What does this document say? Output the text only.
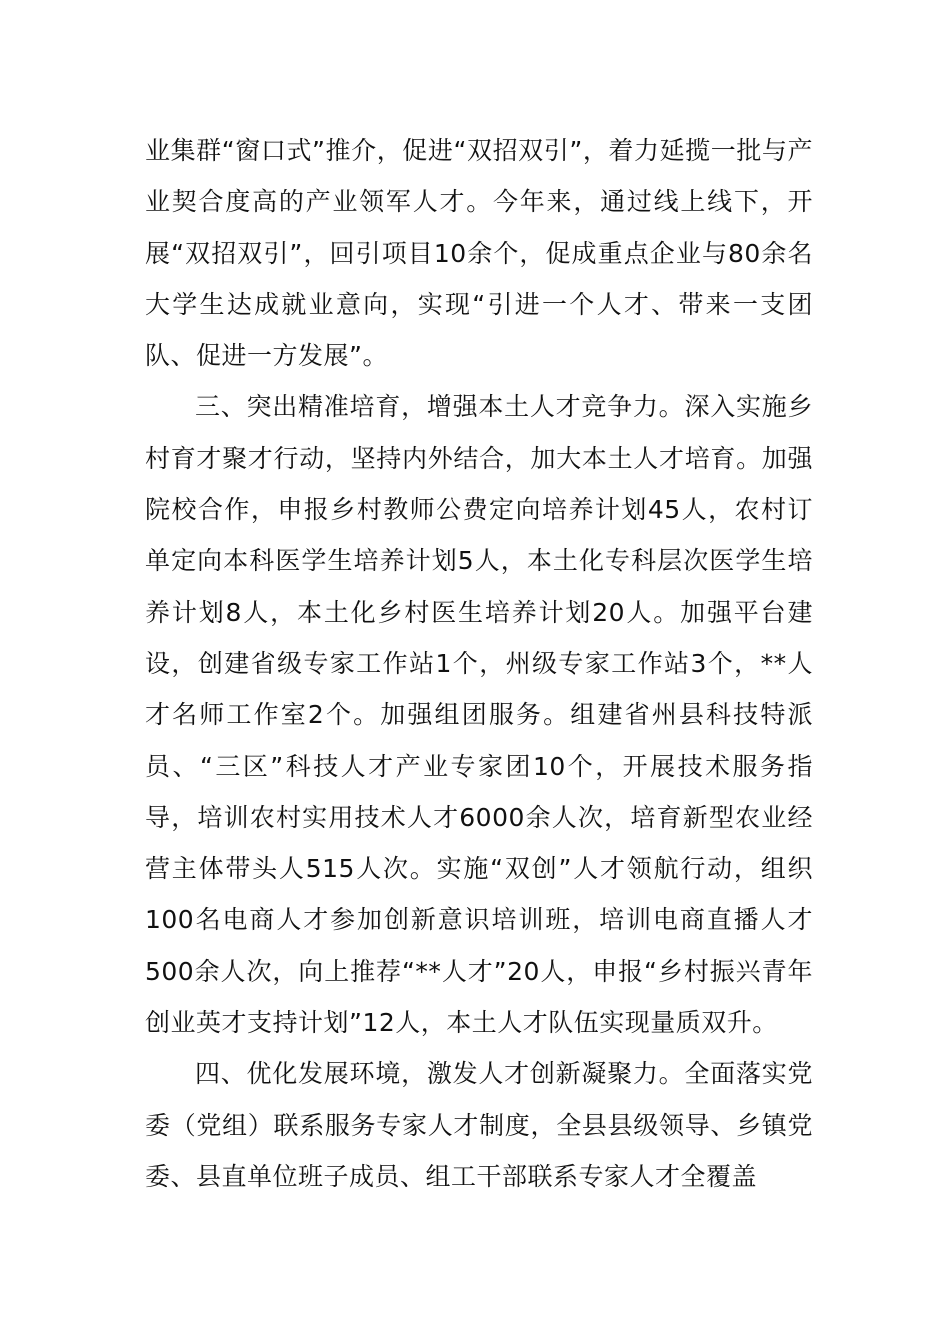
业集群“窗口式”推介，促进“双招双引”，着力延揽一批与产业契合度高的产业领军人才。今年来，通过线上线下，开展“双招双引”，回引项目10余个，促成重点企业与80余名大学生达成就业意向，实现“引进一个人才、带来一支团队、促进一方发展”。

三、突出精准培育，增强本土人才竞争力。深入实施乡村育才聚才行动，坚持内外结合，加大本土人才培育。加强院校合作，申报乡村教师公费定向培养计划45人，农村订单定向本科医学生培养计划5人，本土化专科层次医学生培养计划8人，本土化乡村医生培养计划20人。加强平台建设，创建省级专家工作站1个，州级专家工作站3个，**人才名师工作室2个。加强组团服务。组建省州县科技特派员、“三区”科技人才产业专家团10个，开展技术服务指导，培训农村实用技术人才6000余人次，培育新型农业经营主体带头人515人次。实施“双创”人才领航行动，组织100名电商人才参加创新意识培训班，培训电商直播人才500余人次，向上推荐“**人才”20人，申报“乡村振兴青年创业英才支持计划”12人，本土人才队伍实现量质双升。

四、优化发展环境，激发人才创新凝聚力。全面落实党委（党组）联系服务专家人才制度，全县县级领导、乡镇党委、县直单位班子成员、组工干部联系专家人才全覆盖
